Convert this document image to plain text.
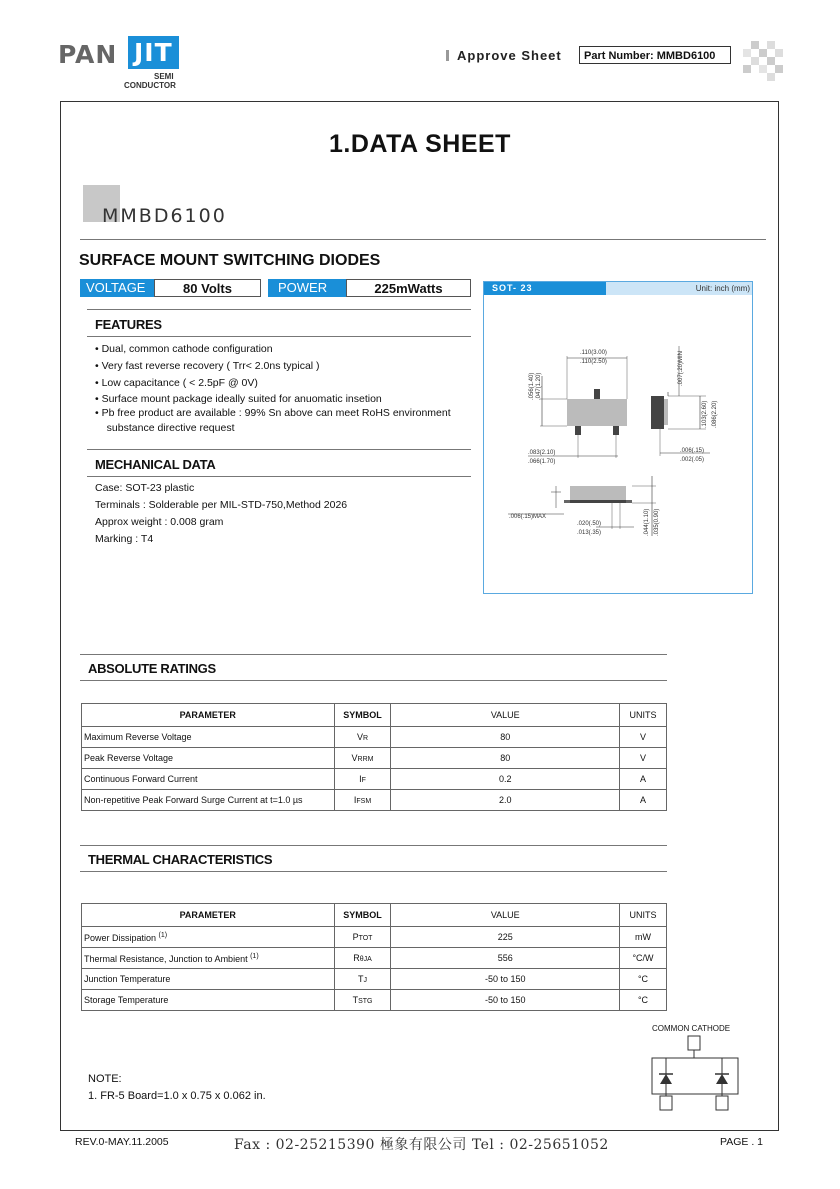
PAN JIT
SEMI
CONDUCTOR
Approve Sheet	Part Number: MMBD6100
1.DATA SHEET
MMBD6100
SURFACE MOUNT SWITCHING DIODES
VOLTAGE	80 Volts	POWER	225mWatts
FEATURES
• Dual, common cathode configuration
• Very fast reverse recovery ( Trr< 2.0ns typical )
• Low capacitance ( < 2.5pF @ 0V)
• Surface mount package ideally suited for anuomatic insetion
• Pb free product are available : 99% Sn above can meet RoHS environment
substance directive request
MECHANICAL DATA
Case: SOT-23 plastic
Terminals : Solderable per MIL-STD-750,Method 2026
Approx weight : 0.008 gram
Marking : T4
SOT- 23	Unit: inch (mm)
.110(3.00)
.110(2.50)
.056(1.40) .047(1.20)
.083(2.10)
.066(1.70)
.007(.20)MIN
.103(2.60) .086(2.20)
.006(.15)
.002(.05)
.006(.15)MAX
.020(.50)
.013(.35)	.044(1.10) .035(0.90)
ABSOLUTE RATINGS
PARAMETER	SYMBOL	VALUE	UNITS
Maximum Reverse Voltage	VR	80	V
Peak Reverse Voltage	VRRM	80	V
Continuous Forward Current	IF	0.2	A
Non-repetitive Peak Forward Surge Current at t=1.0 µs	IFSM	2.0	A
THERMAL CHARACTERISTICS
PARAMETER	SYMBOL	VALUE	UNITS
Power Dissipation $^{(1)}$	PTOT	225	mW
Thermal Resistance, Junction to Ambient $^{(1)}$	RθJA	556	°C/W
Junction Temperature	TJ	-50 to 150	°C
Storage Temperature	TSTG	-50 to 150	°C
COMMON CATHODE
NOTE:
1. FR-5 Board=1.0 x 0.75 x 0.062 in.
REV.0-MAY.11.2005	Fax : 02-25215390 極象有限公司 Tel : 02-25651052	PAGE . 1
